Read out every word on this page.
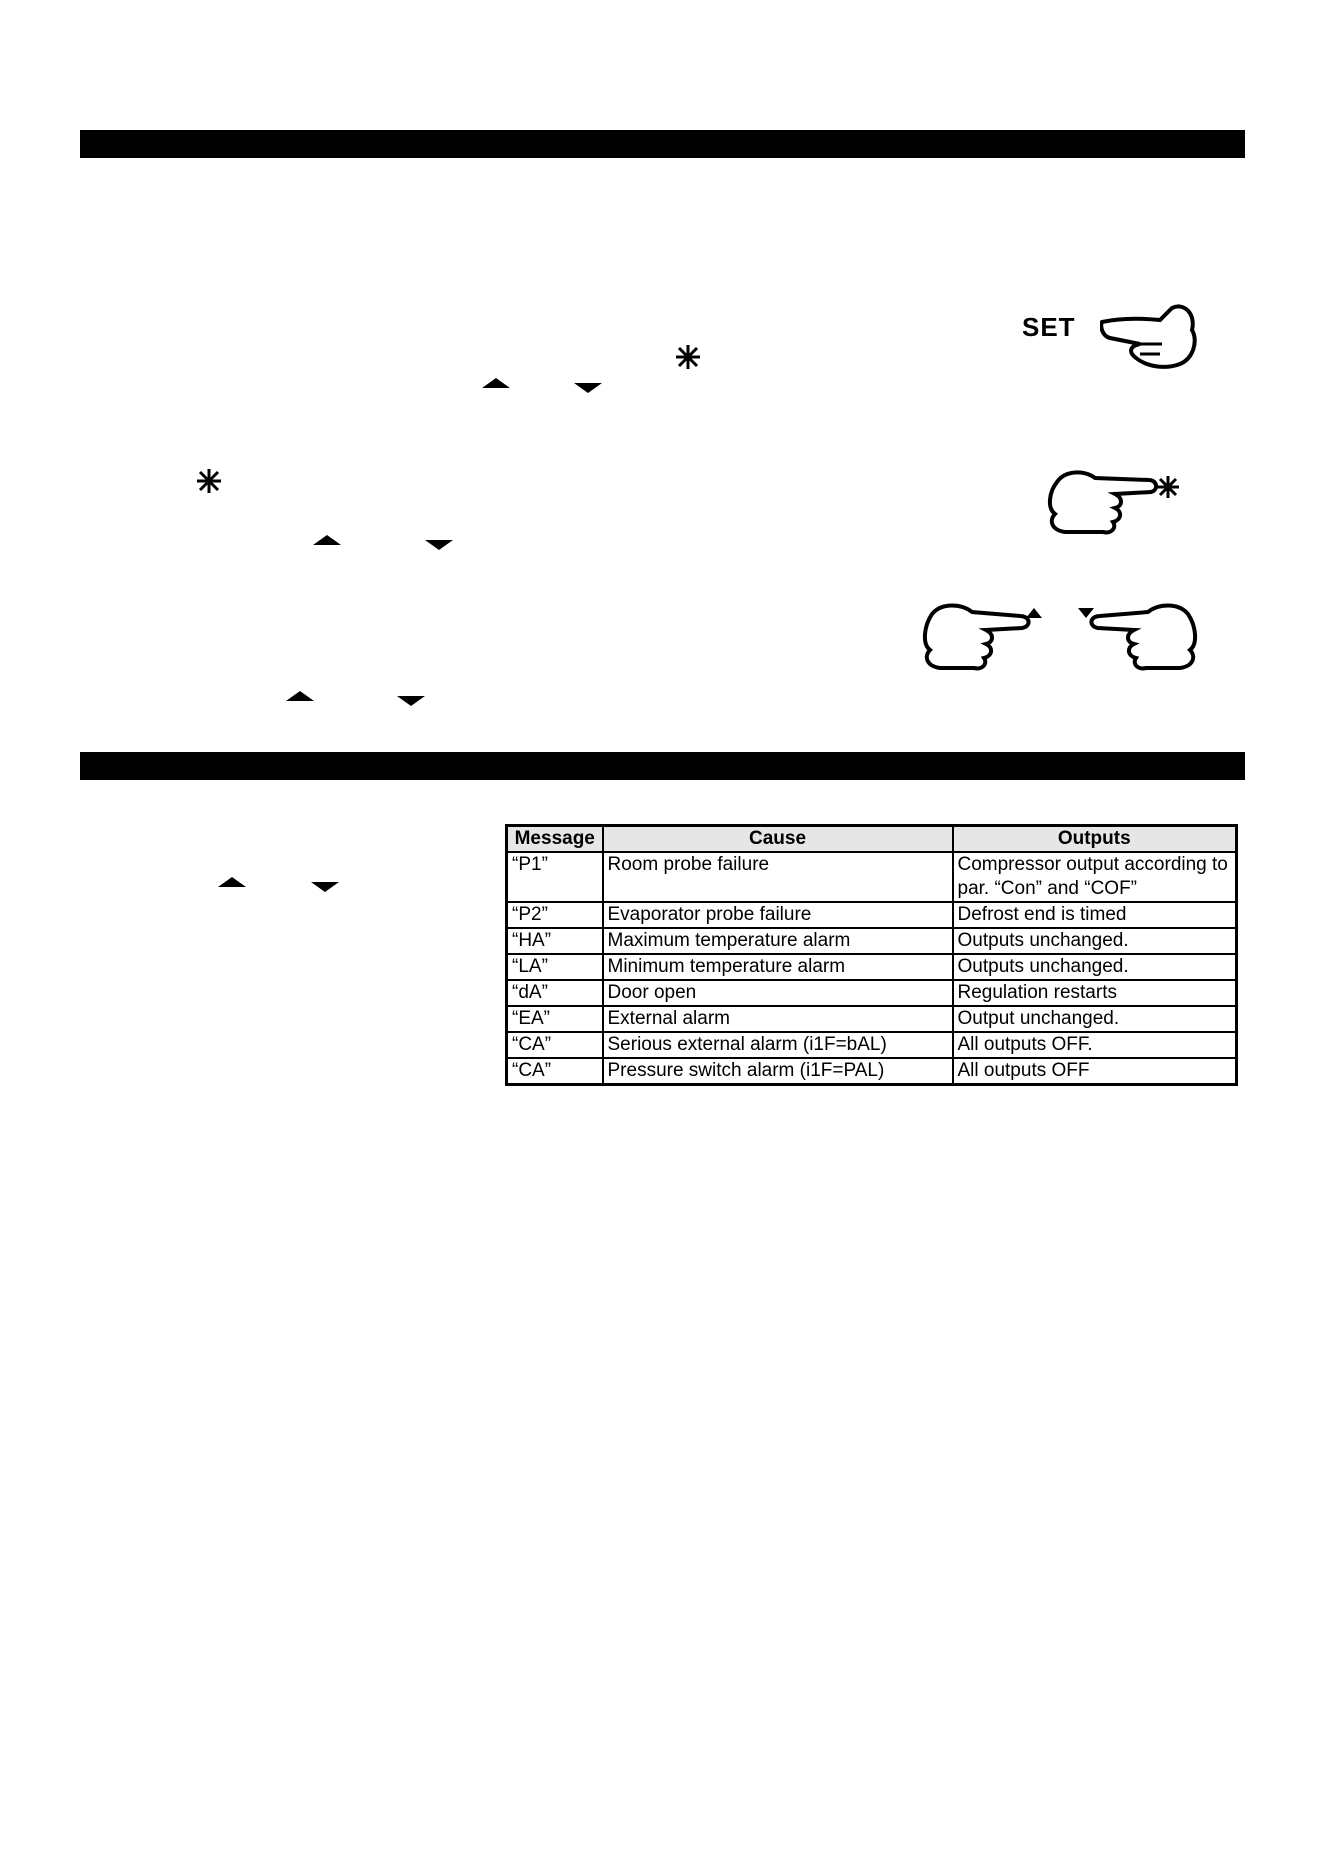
SET
Message	Cause	Outputs
“P1”	Room probe failure	Compressor output according to par. “Con” and “COF”
“P2”	Evaporator probe failure	Defrost end is timed
“HA”	Maximum temperature alarm	Outputs unchanged.
“LA”	Minimum temperature alarm	Outputs unchanged.
“dA”	Door open	Regulation restarts
“EA”	External alarm	Output unchanged.
“CA”	Serious external alarm (i1F=bAL)	All outputs OFF.
“CA”	Pressure switch alarm (i1F=PAL)	All outputs OFF
